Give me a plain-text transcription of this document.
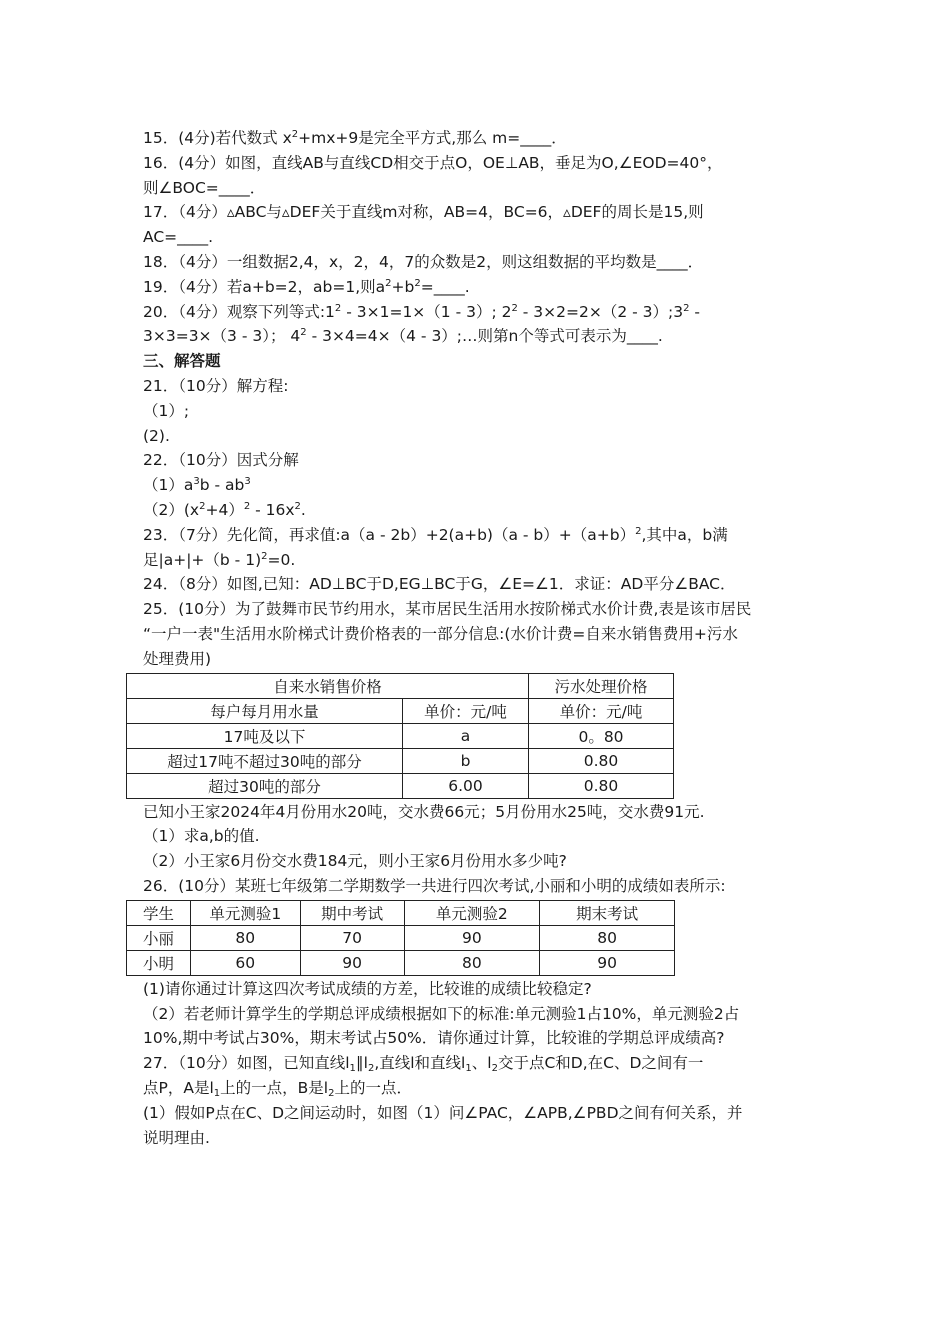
15．(4分)若代数式 $x^2+mx+9$是完全平方式,那么 m=____．
16．(4分）如图，直线AB与直线CD相交于点O，OE⊥AB，垂足为O,∠EOD=40°，
则∠BOC=____．
17．（4分）▵ABC与▵DEF关于直线m对称，AB=4，BC=6，▵DEF的周长是15,则
AC=____.
18．（4分）一组数据2,4，x，2，4，7的众数是2，则这组数据的平均数是____．
19．（4分）若a+b=2，ab=1,则$a^2+b^2=\_\_\_\_$.
20．（4分）观察下列等式$:1^2 - 3\times 1=1\times(1 - 3)$; $2^2 - 3\times 2=2\times(2$ - $3);3^2$ -
3×3=3×（3 - 3）； $4^2 - 3\times 4=4\times(4$ - 3）;…则第n个等式可表示为____.
三、解答题
21．（10分）解方程:
（1）;
(2).
22．（10分）因式分解
$(1)a^3b - ab^3$
$(2)(x^2+4)^2 - 16x^2$.
23．（7分）先化简，再求值:a（a - $2b)+2(a+b)(a - b)+(a+b)^2$,其中a，b满
足|a+|+（b - 1)$^2$=0.
24．（8分）如图,已知：AD⊥BC于D,EG⊥BC于G，∠E=∠1．求证：AD平分∠BAC．
25．(10分）为了鼓舞市民节约用水，某市居民生活用水按阶梯式水价计费,表是该市居民
“一户一表"生活用水阶梯式计费价格表的一部分信息:(水价计费=自来水销售费用+污水
处理费用)
自来水销售价格		污水处理价格
每户每月用水量	单价：元/吨	单价：元/吨
17吨及以下	a	0。80
超过17吨不超过30吨的部分	b	0.80
超过30吨的部分	6.00	0.80
已知小王家2024年4月份用水20吨，交水费66元；5月份用水25吨，交水费91元.
（1）求a,b的值.
（2）小王家6月份交水费184元，则小王家6月份用水多少吨?
26．(10分）某班七年级第二学期数学一共进行四次考试,小丽和小明的成绩如表所示:
学生	单元测验1	期中考试	单元测验2	期末考试
小丽	80	70	90	80
小明	60	90	80	90
(1)请你通过计算这四次考试成绩的方差，比较谁的成绩比较稳定?
（2）若老师计算学生的学期总评成绩根据如下的标准:单元测验1占10%，单元测验2占
10%,期中考试占30%，期末考试占50%．请你通过计算，比较谁的学期总评成绩高?
27．（10分）如图，已知直线$l_1\parallel l_2$,直线l和直线$l_1$、$l_2$交于点C和D,在C、D之间有一
点P，A是$l_1$上的一点，B是$l_2$上的一点．
(1）假如P点在C、D之间运动时，如图（1）问∠PAC，∠APB,∠PBD之间有何关系，并
说明理由.
